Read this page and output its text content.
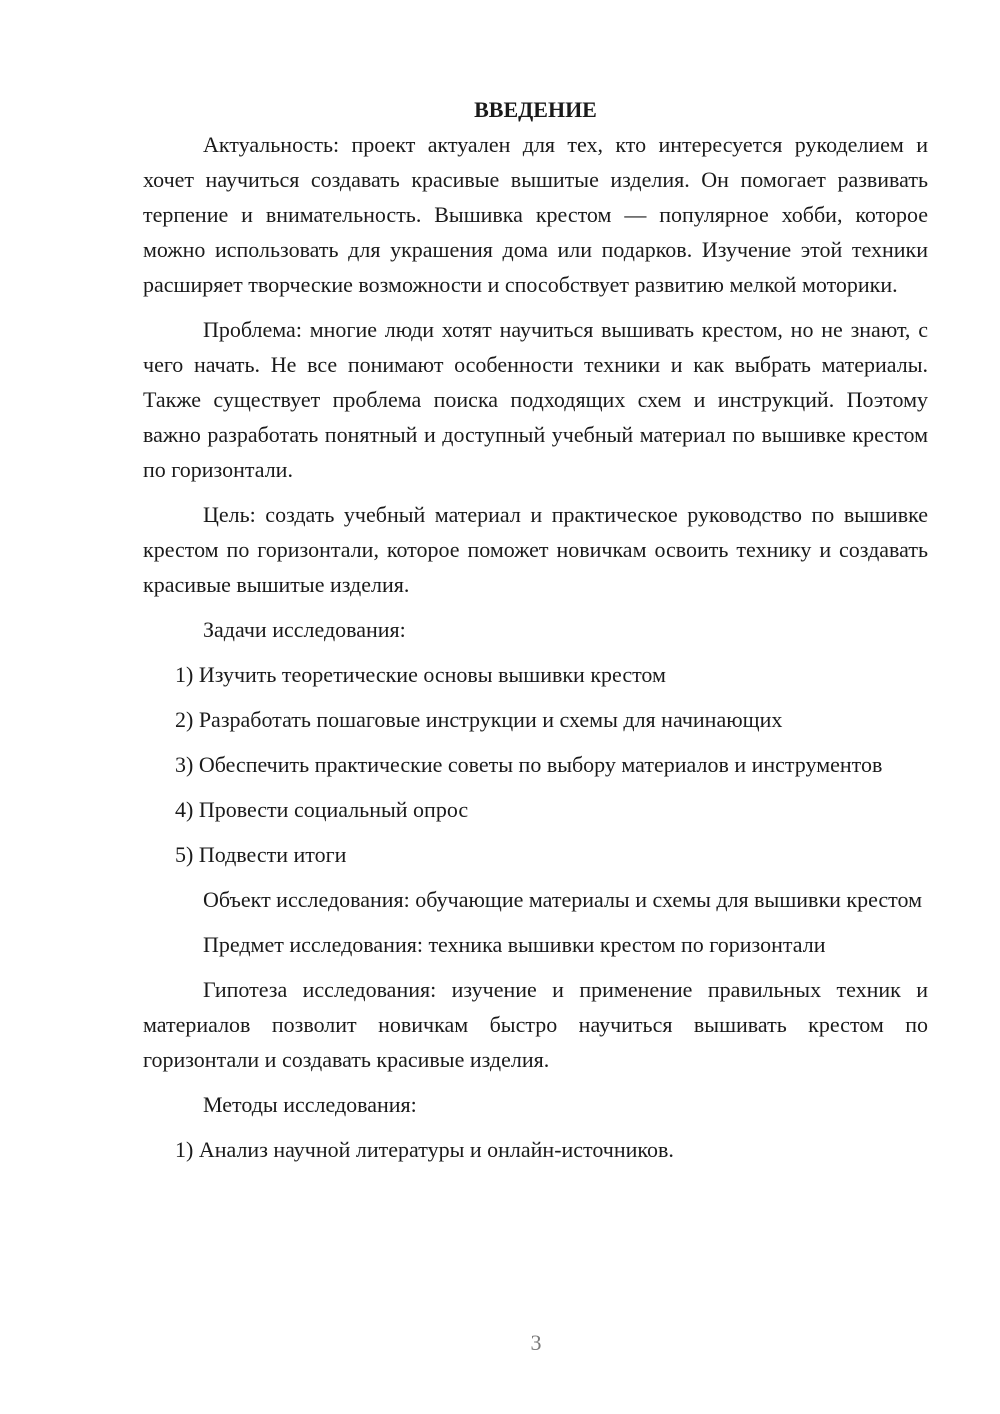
ВВЕДЕНИЕ

Актуальность: проект актуален для тех, кто интересуется рукоделием и хочет научиться создавать красивые вышитые изделия. Он помогает развивать терпение и внимательность. Вышивка крестом — популярное хобби, которое можно использовать для украшения дома или подарков. Изучение этой техники расширяет творческие возможности и способствует развитию мелкой моторики.

Проблема: многие люди хотят научиться вышивать крестом, но не знают, с чего начать. Не все понимают особенности техники и как выбрать материалы. Также существует проблема поиска подходящих схем и инструкций. Поэтому важно разработать понятный и доступный учебный материал по вышивке крестом по горизонтали.

Цель: создать учебный материал и практическое руководство по вышивке крестом по горизонтали, которое поможет новичкам освоить технику и создавать красивые вышитые изделия.

Задачи исследования:

1) Изучить теоретические основы вышивки крестом

2) Разработать пошаговые инструкции и схемы для начинающих

3) Обеспечить практические советы по выбору материалов и инструментов

4) Провести социальный опрос

5) Подвести итоги

Объект исследования: обучающие материалы и схемы для вышивки крестом

Предмет исследования: техника вышивки крестом по горизонтали

Гипотеза исследования: изучение и применение правильных техник и материалов позволит новичкам быстро научиться вышивать крестом по горизонтали и создавать красивые изделия.

Методы исследования:

1) Анализ научной литературы и онлайн-источников.

3
